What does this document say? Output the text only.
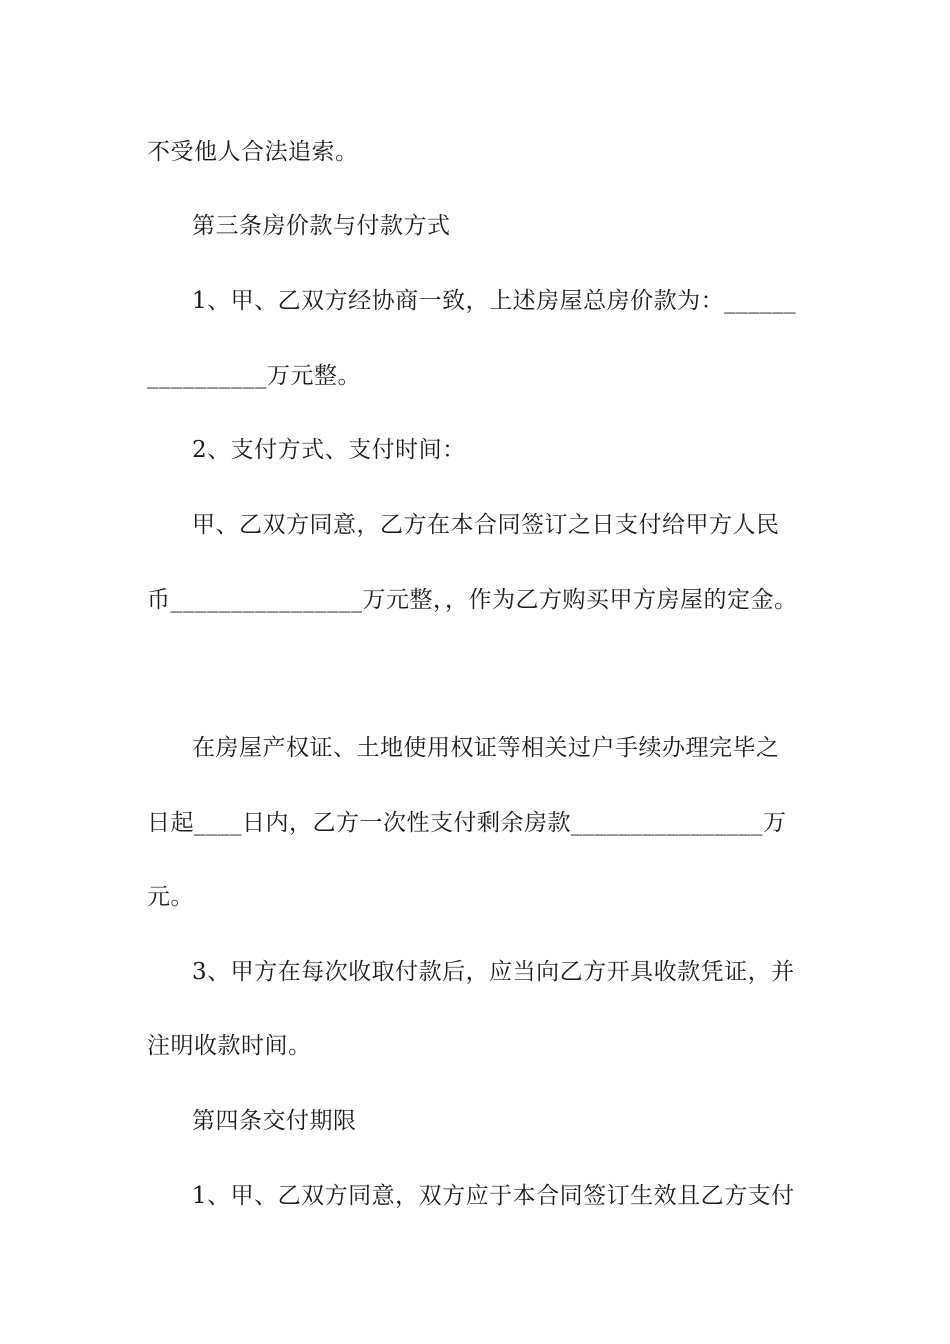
不受他人合法追索。
第三条房价款与付款方式
1、甲、乙双方经协商一致，上述房屋总房价款为：______
__________万元整。
2、支付方式、支付时间：
甲、乙双方同意，乙方在本合同签订之日支付给甲方人民
币________________万元整，，作为乙方购买甲方房屋的定金。
在房屋产权证、土地使用权证等相关过户手续办理完毕之
日起____日内，乙方一次性支付剩余房款________________万
元。
3、甲方在每次收取付款后，应当向乙方开具收款凭证，并
注明收款时间。
第四条交付期限
1、甲、乙双方同意，双方应于本合同签订生效且乙方支付
